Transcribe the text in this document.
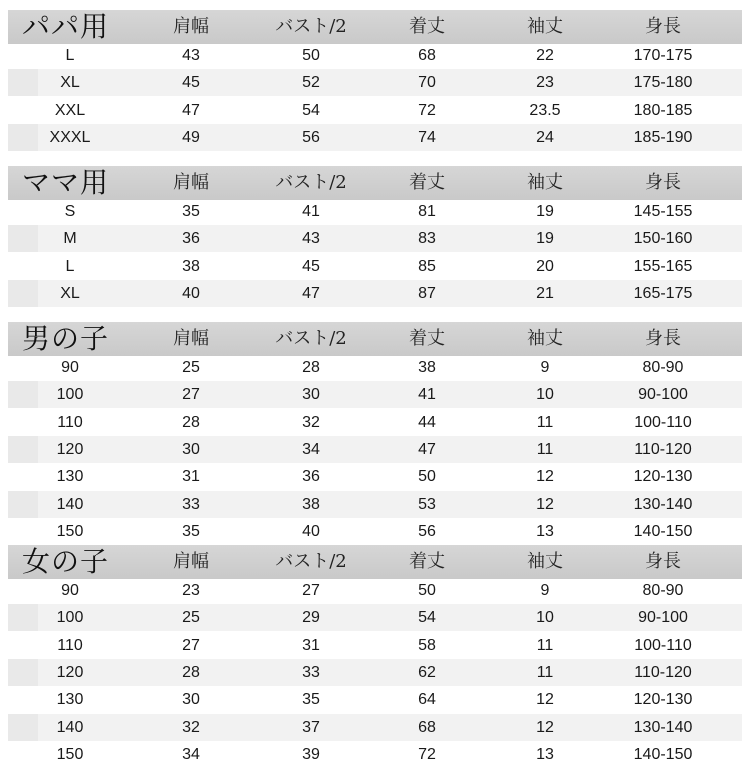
パパ用	肩幅	バスト/2	着丈	袖丈	身長
L	43	50	68	22	170-175
XL	45	52	70	23	175-180
XXL	47	54	72	23.5	180-185
XXXL	49	56	74	24	185-190
ママ用	肩幅	バスト/2	着丈	袖丈	身長
S	35	41	81	19	145-155
M	36	43	83	19	150-160
L	38	45	85	20	155-165
XL	40	47	87	21	165-175
男の子	肩幅	バスト/2	着丈	袖丈	身長
90	25	28	38	9	80-90
100	27	30	41	10	90-100
110	28	32	44	11	100-110
120	30	34	47	11	110-120
130	31	36	50	12	120-130
140	33	38	53	12	130-140
150	35	40	56	13	140-150
女の子	肩幅	バスト/2	着丈	袖丈	身長
90	23	27	50	9	80-90
100	25	29	54	10	90-100
110	27	31	58	11	100-110
120	28	33	62	11	110-120
130	30	35	64	12	120-130
140	32	37	68	12	130-140
150	34	39	72	13	140-150
